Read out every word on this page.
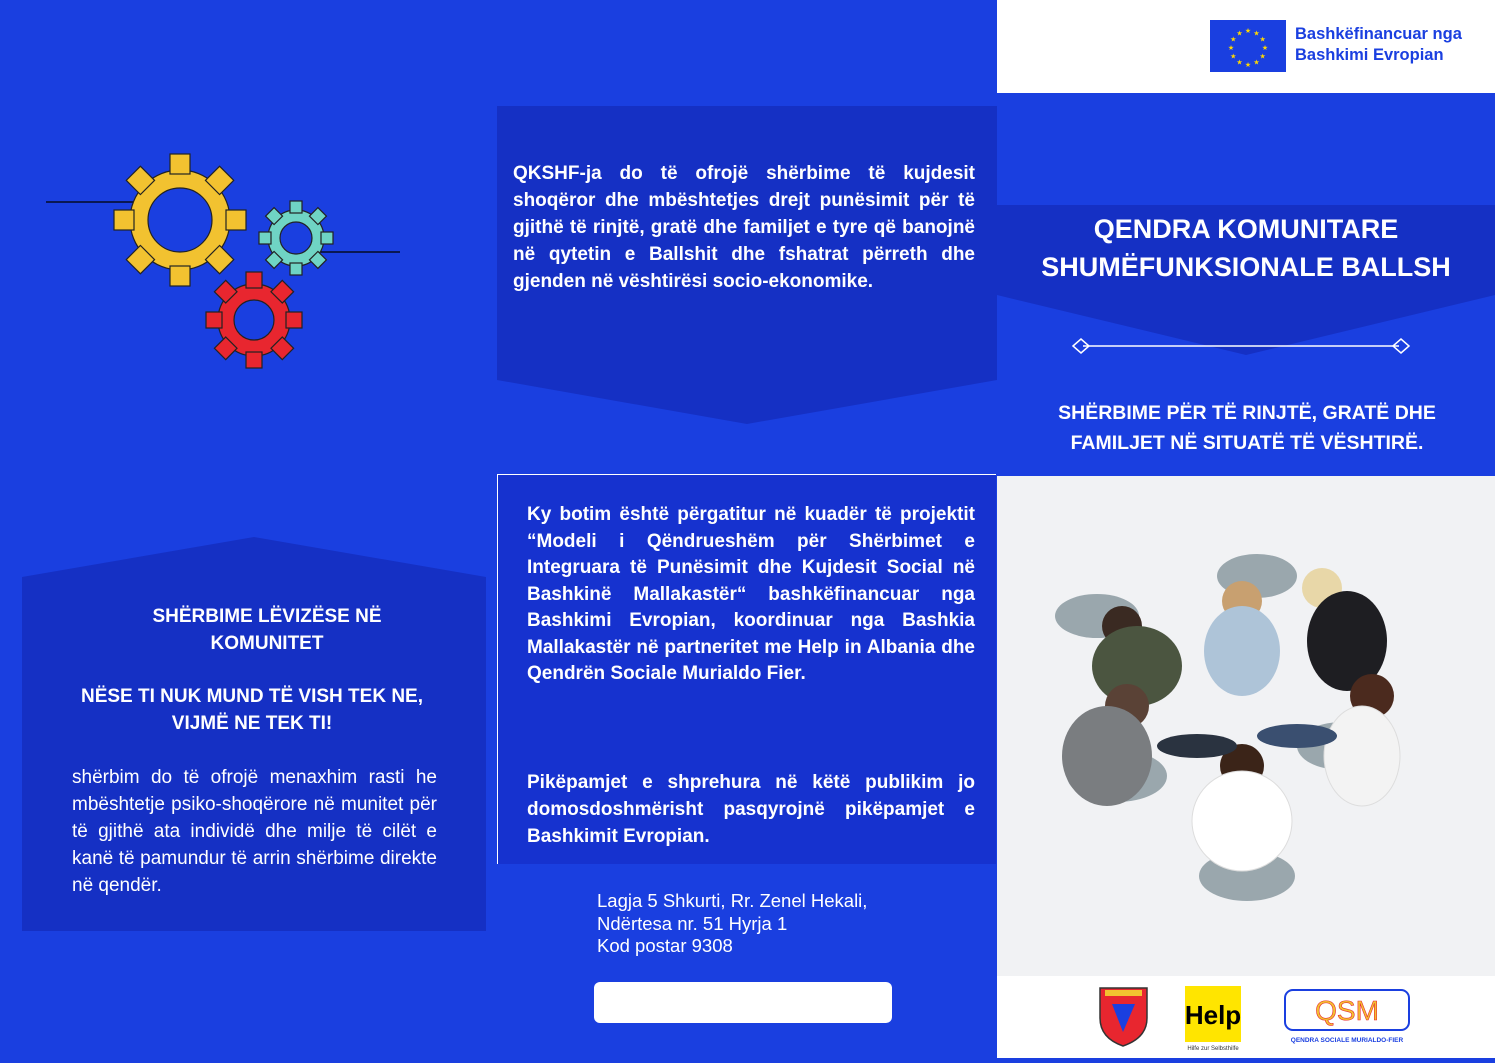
SHËRBIME LËVIZËSE NË
KOMUNITET
NËSE TI NUK MUND TË VISH TEK NE,
VIJMË NE TEK TI!
shërbim do të ofrojë menaxhim rasti he mbështetje psiko-shoqërore në munitet për të gjithë ata individë dhe milje të cilët e kanë të pamundur të arrin shërbime direkte në qendër.
QKSHF-ja do të ofrojë shërbime të kujdesit shoqëror dhe mbështetjes drejt punësimit për të gjithë të rinjtë, gratë dhe familjet e tyre që banojnë në qytetin e Ballshit dhe fshatrat përreth dhe gjenden në vështirësi socio-ekonomike.
Ky botim është përgatitur në kuadër të projektit “Modeli i Qëndrueshëm për Shërbimet e Integruara të Punësimit dhe Kujdesit Social në Bashkinë Mallakastër“ bashkëfinancuar nga Bashkimi Evropian, koordinuar nga Bashkia Mallakastër në partneritet me Help in Albania dhe Qendrën Sociale Murialdo Fier.
Pikëpamjet e shprehura në këtë publikim jo domosdoshmërisht pasqyrojnë pikëpamjet e Bashkimit Evropian.
Lagja 5 Shkurti, Rr. Zenel Hekali,
Ndërtesa nr. 51 Hyrja 1
Kod postar 9308
★ ★
★
★
★
★
★
★
★
★
★
★	Bashkëfinancuar nga
Bashkimi Evropian
QENDRA KOMUNITARE
SHUMËFUNKSIONALE BALLSH
SHËRBIME PËR TË RINJTË, GRATË DHE
FAMILJET NË SITUATË TË VËSHTIRË.
Help
Hilfe zur Selbsthilfe
QSM
QENDRA SOCIALE MURIALDO-FIER
